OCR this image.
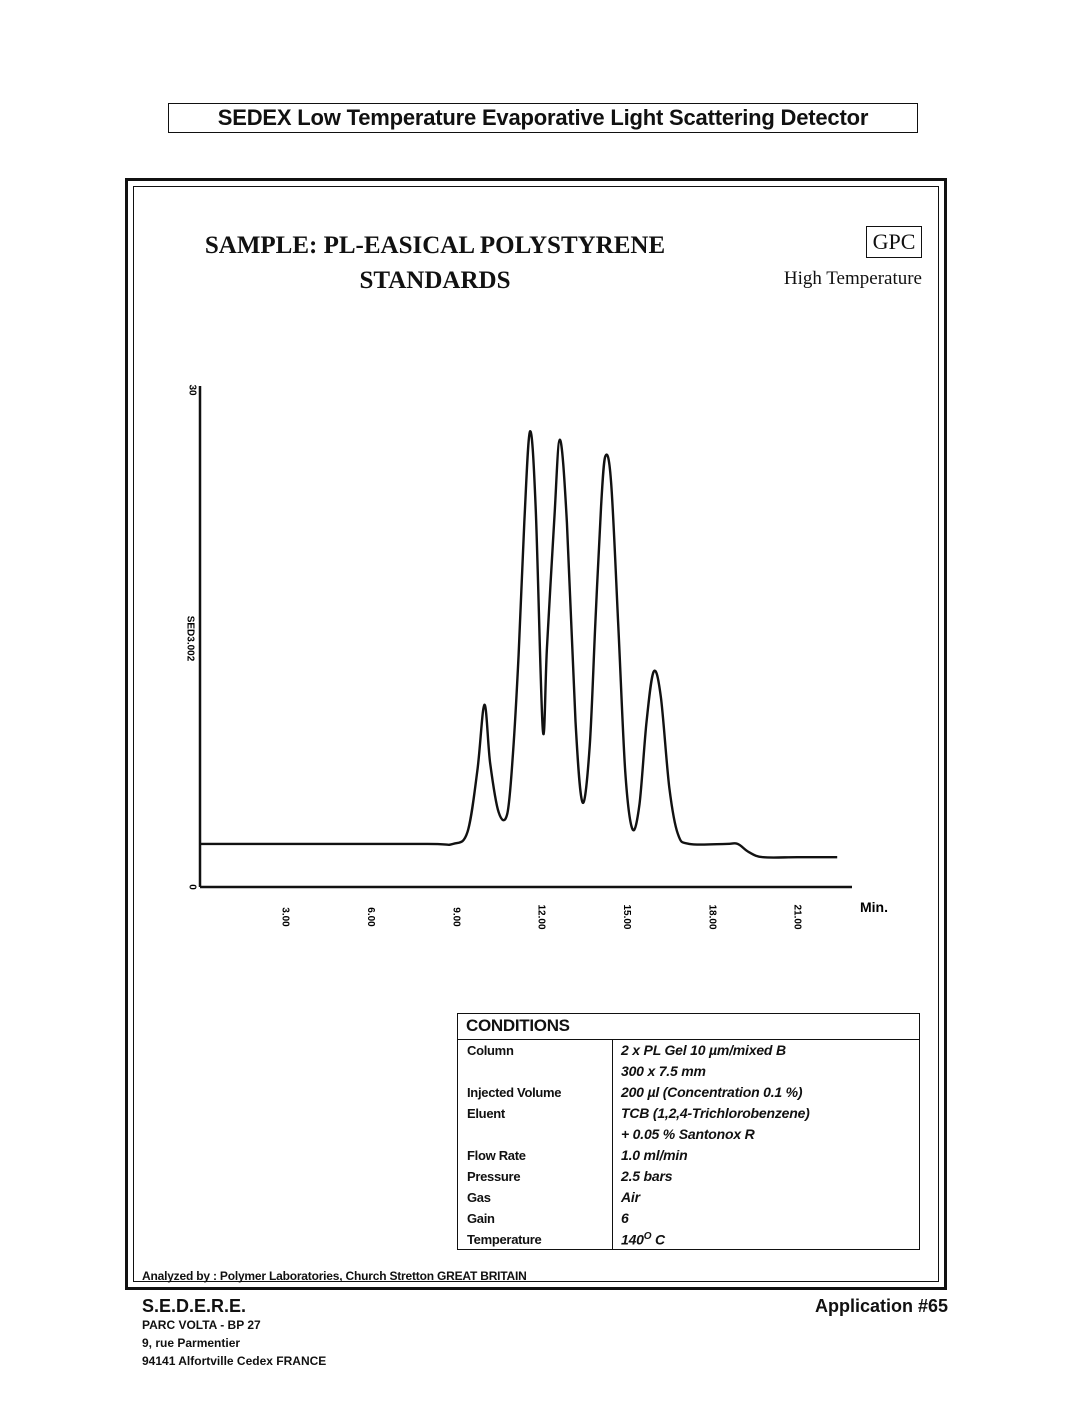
SEDEX Low Temperature Evaporative Light Scattering Detector
SAMPLE: PL-EASICAL POLYSTYRENE
STANDARDS
GPC
High Temperature
0
30
SED3.002
3.00	6.00	9.00	12.00	15.00	18.00	21.00	Min.
CONDITIONS
Column	2 x PL Gel 10 µm/mixed B
300 x 7.5 mm
Injected Volume	200 µl (Concentration 0.1 %)
Eluent	TCB (1,2,4-Trichlorobenzene)
+ 0.05 % Santonox R
Flow Rate	1.0 ml/min
Pressure	2.5 bars
Gas	Air
Gain	6
Temperature	$140^O$ C
Analyzed by : Polymer Laboratories, Church Stretton GREAT BRITAIN
S.E.D.E.R.E.
PARC VOLTA - BP 27
9, rue Parmentier
94141 Alfortville Cedex FRANCE
Application #65
